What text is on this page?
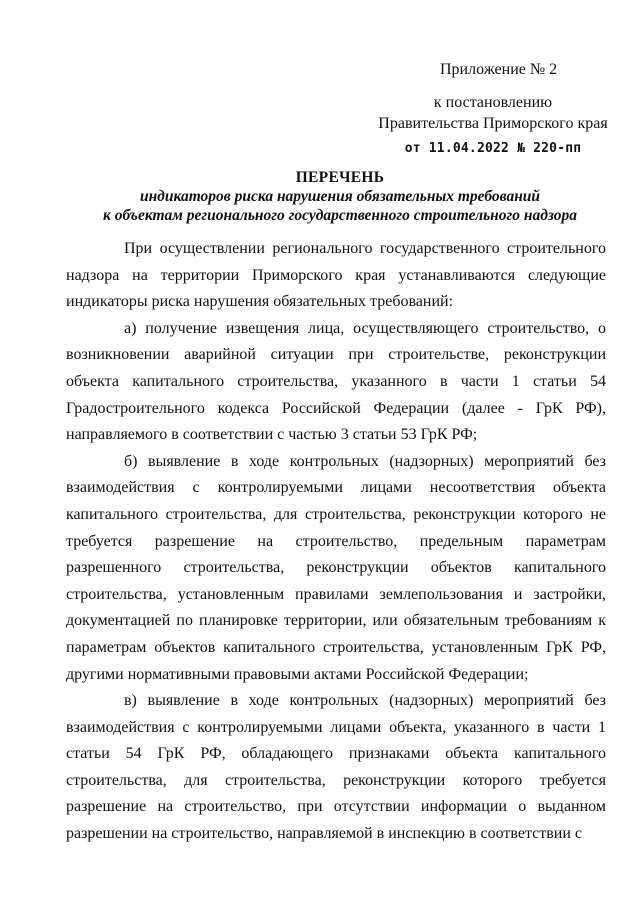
Приложение № 2
к постановлению
Правительства Приморского края
от 11.04.2022 № 220-пп
ПЕРЕЧЕНЬ
индикаторов риска нарушения обязательных требований
к объектам регионального государственного строительного надзора

При осуществлении регионального государственного строительного надзора на территории Приморского края устанавливаются следующие индикаторы риска нарушения обязательных требований:

а) получение извещения лица, осуществляющего строительство, о возникновении аварийной ситуации при строительстве, реконструкции объекта капитального строительства, указанного в части 1 статьи 54 Градостроительного кодекса Российской Федерации (далее - ГрК РФ), направляемого в соответствии с частью 3 статьи 53 ГрК РФ;

б) выявление в ходе контрольных (надзорных) мероприятий без взаимодействия с контролируемыми лицами несоответствия объекта капитального строительства, для строительства, реконструкции которого не требуется разрешение на строительство, предельным параметрам разрешенного строительства, реконструкции объектов капитального строительства, установленным правилами землепользования и застройки, документацией по планировке территории, или обязательным требованиям к параметрам объектов капитального строительства, установленным ГрК РФ, другими нормативными правовыми актами Российской Федерации;

в) выявление в ходе контрольных (надзорных) мероприятий без взаимодействия с контролируемыми лицами объекта, указанного в части 1 статьи 54 ГрК РФ, обладающего признаками объекта капитального строительства, для строительства, реконструкции которого требуется разрешение на строительство, при отсутствии информации о выданном разрешении на строительство, направляемой в инспекцию в соответствии с
